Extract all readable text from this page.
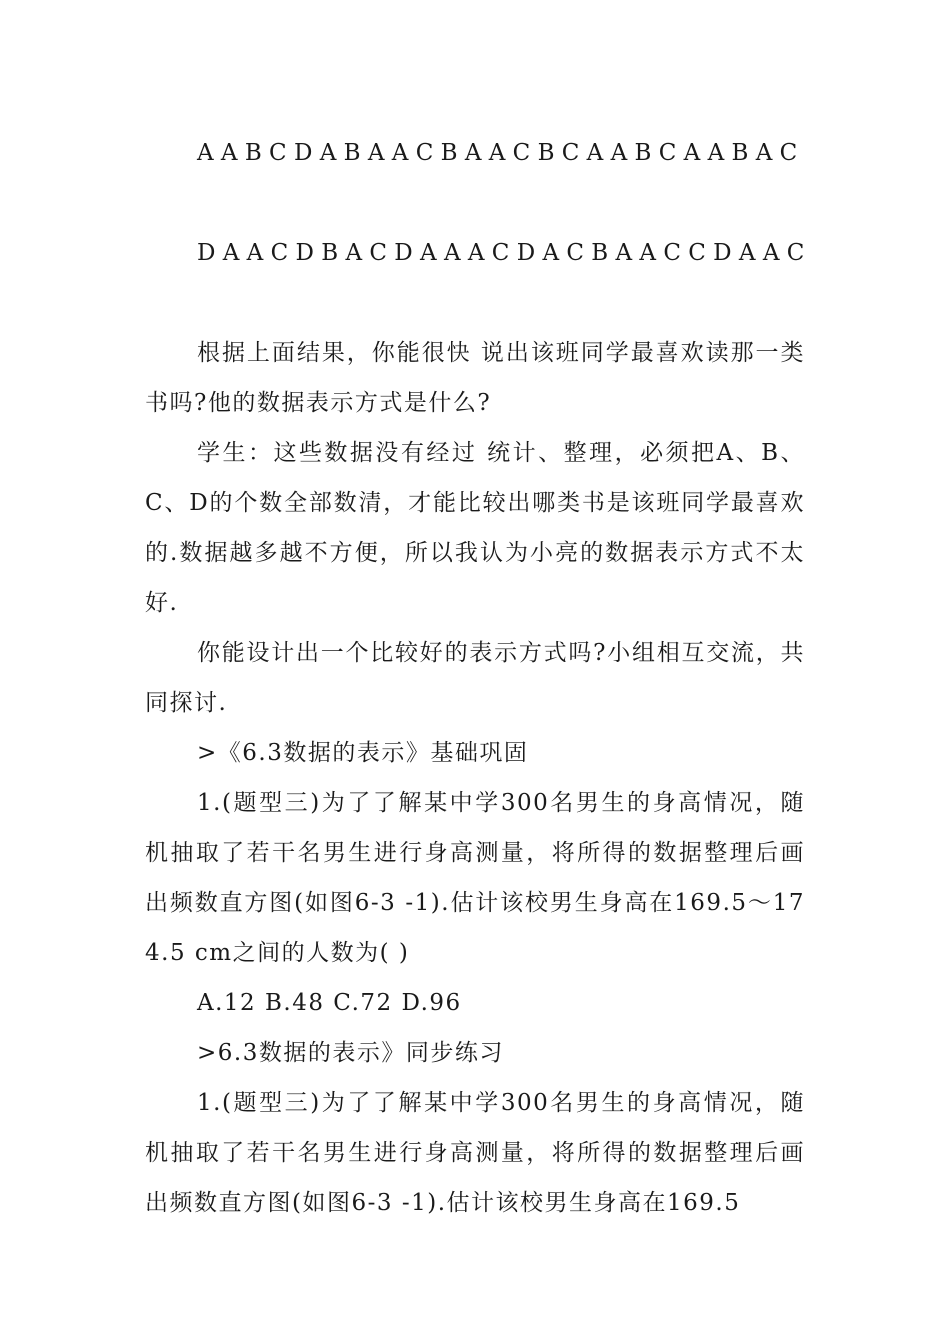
A A B C D A B A A C B A A C B C A A B C A A B A C

D A A C D B A C D A A A C D A C B A A C C D A A C

根据上面结果，你能很快 说出该班同学最喜欢读那一类书吗?他的数据表示方式是什么?

学生：这些数据没有经过 统计、整理，必须把A、B、C、D的个数全部数清，才能比较出哪类书是该班同学最喜欢的.数据越多越不方便，所以我认为小亮的数据表示方式不太好.

你能设计出一个比较好的表示方式吗?小组相互交流，共同探讨.

>《6.3数据的表示》基础巩固

1.(题型三)为了了解某中学300名男生的身高情况，随机抽取了若干名男生进行身高测量，将所得的数据整理后画出频数直方图(如图6-3 -1).估计该校男生身高在169.5～174.5 cm之间的人数为( )

A.12 B.48 C.72 D.96

>6.3数据的表示》同步练习

1.(题型三)为了了解某中学300名男生的身高情况，随机抽取了若干名男生进行身高测量，将所得的数据整理后画出频数直方图(如图6-3 -1).估计该校男生身高在169.5
